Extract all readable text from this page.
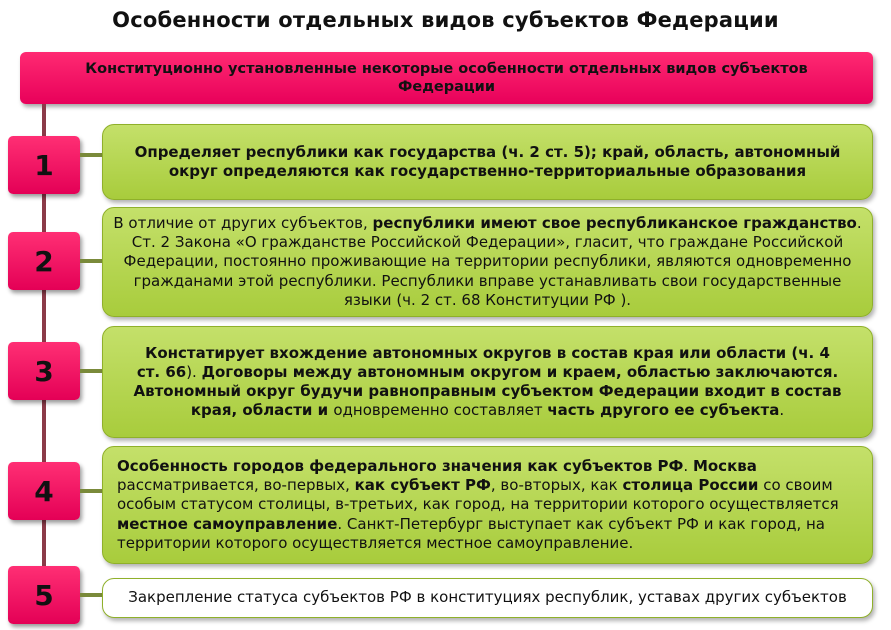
Особенности отдельных видов субъектов Федерации
Конституционно установленные некоторые особенности отдельных видов субъектов Федерации
1	Определяет республики как государства (ч. 2 ст. 5); край, область, автономный округ определяются как государственно-территориальные образования
2
В отличие от других субъектов, республики имеют свое республиканское гражданство. Ст. 2 Закона «О гражданстве Российской Федерации», гласит, что граждане Российской Федерации, постоянно проживающие на территории республики, являются одновременно гражданами этой республики. Республики вправе устанавливать свои государственные языки (ч. 2 ст. 68 Конституции РФ ).
3
Констатирует вхождение автономных округов в состав края или области (ч. 4 ст. 66). Договоры между автономным округом и краем, областью заключаются. Автономный округ будучи равноправным субъектом Федерации входит в состав края, области и одновременно составляет часть другого ее субъекта.
4
Особенность городов федерального значения как субъектов РФ. Москва рассматривается, во-первых, как субъект РФ, во-вторых, как столица России со своим особым статусом столицы, в-третьих, как город, на территории которого осуществляется местное самоуправление. Санкт-Петербург выступает как субъект РФ и как город, на территории которого осуществляется местное самоуправление.
5	Закрепление статуса субъектов РФ в конституциях республик, уставах других субъектов
